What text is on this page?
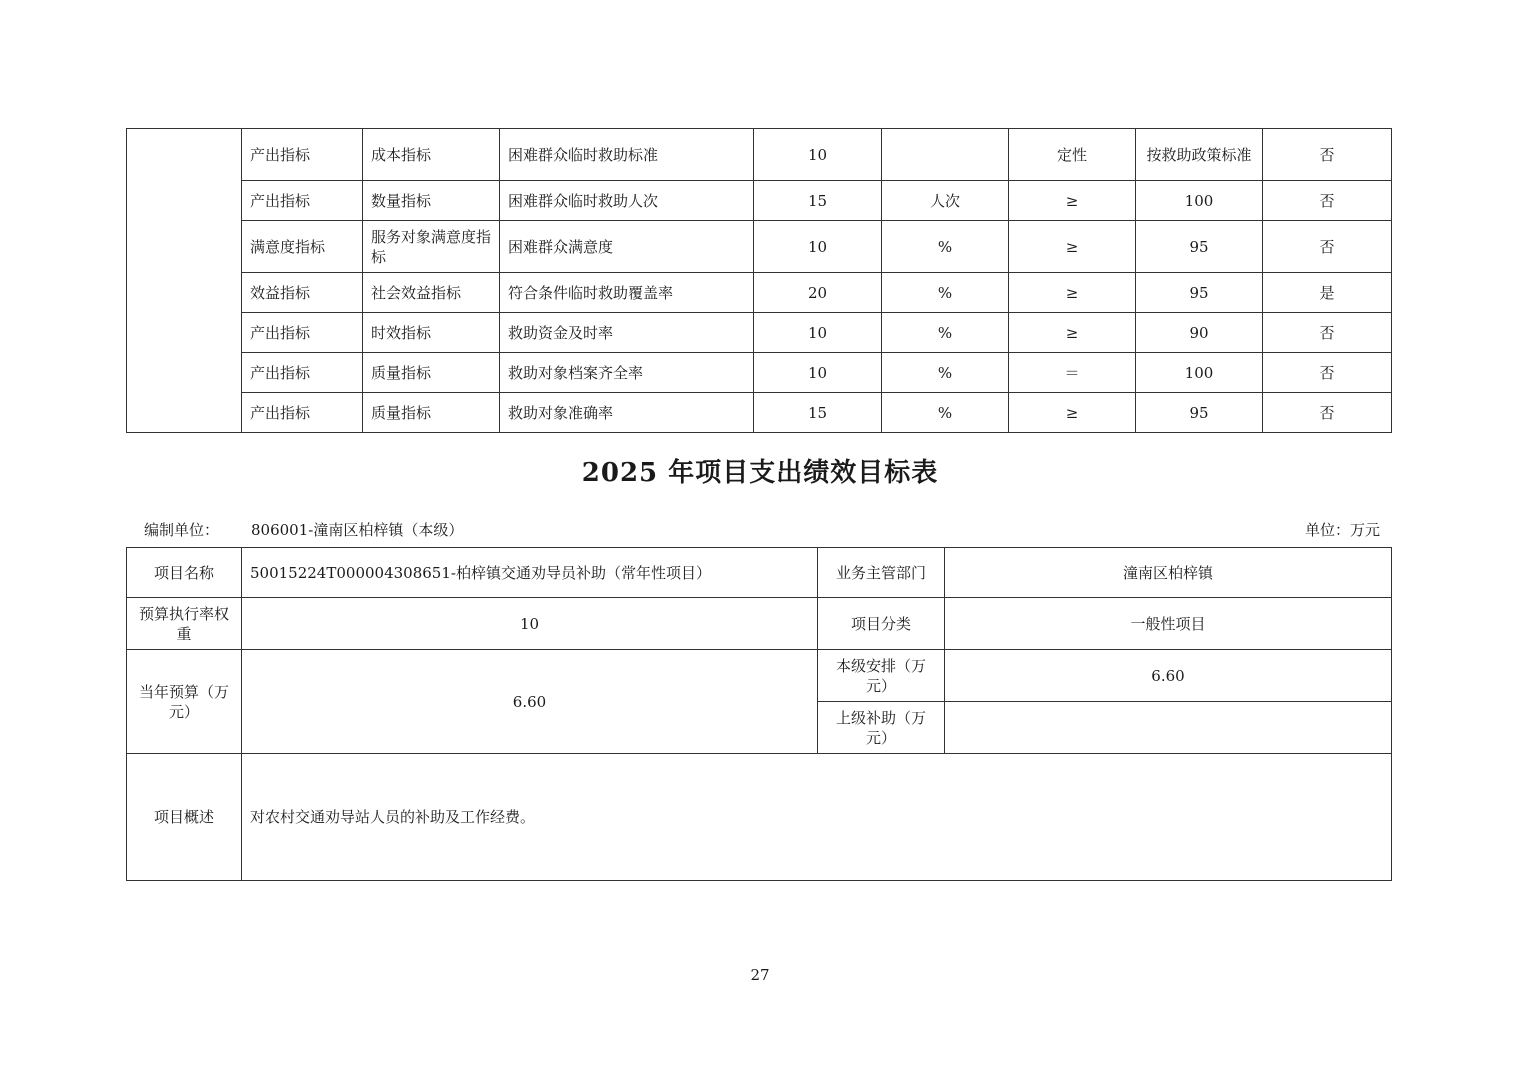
	产出指标	成本指标	困难群众临时救助标准	10		定性	按救助政策标准	否
	产出指标	数量指标	困难群众临时救助人次	15	人次	≥	100	否
	满意度指标	服务对象满意度指标	困难群众满意度	10	%	≥	95	否
	效益指标	社会效益指标	符合条件临时救助覆盖率	20	%	≥	95	是
	产出指标	时效指标	救助资金及时率	10	%	≥	90	否
	产出指标	质量指标	救助对象档案齐全率	10	%	＝	100	否
	产出指标	质量指标	救助对象准确率	15	%	≥	95	否
2025 年项目支出绩效目标表
编制单位： 806001-潼南区柏梓镇（本级）	单位：万元
项目名称	50015224T000004308651-柏梓镇交通劝导员补助（常年性项目）	业务主管部门	潼南区柏梓镇
预算执行率权重	10	项目分类	一般性项目
当年预算（万元）	6.60	本级安排（万元）	6.60
		上级补助（万元）	
项目概述	对农村交通劝导站人员的补助及工作经费。		
27
